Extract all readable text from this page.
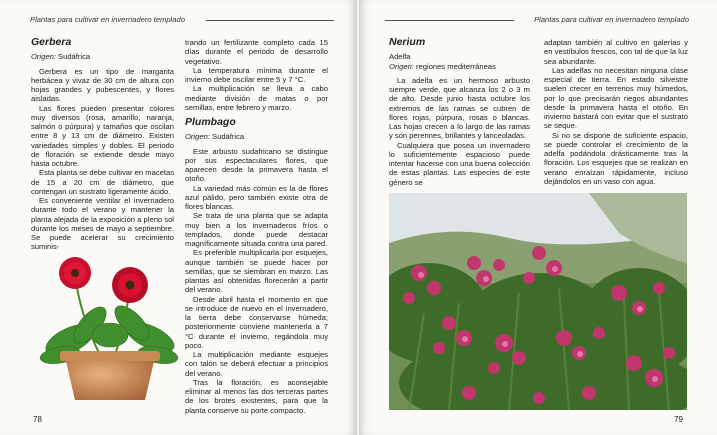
Plantas para cultivar en invernadero templado
Gerbera
Origen: Sudáfrica

Gerbera es un tipo de margarita herbácea y vivaz de 30 cm de altura con hojas grandes y pubescentes, y flores aisladas.

Las flores pueden presentar colores muy diversos (rosa, amarillo, naranja, salmón o púrpura) y tamaños que oscilan entre 8 y 13 cm de diámetro. Existen variedades simples y dobles. El periodo de floración se extiende desde mayo hasta octubre.

Esta planta se debe cultivar en macetas de 15 a 20 cm de diámetro, que contengan un sustrato ligeramente ácido.

Es conveniente ventilar el invernadero durante todo el verano y mantener la planta alejada de la exposición a pleno sol durante los meses de mayo a septiembre. Se puede acelerar su crecimiento suminis-

trando un fertilizante completo cada 15 días durante el periodo de desarrollo vegetativo.

La temperatura mínima durante el invierno debe oscilar entre 5 y 7 °C.

La multiplicación se lleva a cabo mediante división de matas o por semillas, entre febrero y marzo.

Plumbago
Origen: Sudáfrica

Este arbusto sudafricano se distingue por sus espectaculares flores, que aparecen desde la primavera hasta el otoño.

La variedad más común es la de flores azul pálido, pero también existe otra de flores blancas.

Se trata de una planta que se adapta muy bien a los invernaderos fríos o templados, donde puede destacar magníficamente situada contra una pared.

Es preferible multiplicarla por esquejes, aunque también se puede hacer por semillas, que se siembran en marzo. Las plantas así obtenidas florecerán a partir del verano.

Desde abril hasta el momento en que se introduce de nuevo en el invernadero, la tierra debe conservarse húmeda; posteriormente conviene mantenerla a 7 °C durante el invierno, regándola muy poco.

La multiplicación mediante esquejes con talón se deberá efectuar a principios del verano.

Tras la floración, es aconsejable eliminar al menos las dos terceras partes de los brotes existentes, para que la planta conserve su porte compacto.

78
Plantas para cultivar en invernadero templado
Nerium
Adelfa
Origen: regiones mediterráneas

La adelfa es un hermoso arbusto siempre verde, que alcanza los 2 o 3 m de alto. Desde junio hasta octubre los extremos de las ramas se cubren de flores rojas, púrpura, rosas o blancas. Las hojas crecen a lo largo de las ramas y son perennes, brillantes y lanceoladas.

Cualquiera que posea un invernadero lo suficientemente espacioso puede intentar hacerse con una buena colección de estas plantas. Las especies de este género se

adaptan también al cultivo en galerías y en vestíbulos frescos, con tal de que la luz sea abundante.

Las adelfas no necesitan ninguna clase especial de tierra. En estado silvestre suelen crecer en terrenos muy húmedos, por lo que precisarán riegos abundantes desde la primavera hasta el otoño. En invierno bastará con evitar que el sustrato se seque.

Si no se dispone de suficiente espacio, se puede controlar el crecimiento de la adelfa podándola drásticamente tras la floración. Los esquejes que se realizan en verano enraízan rápidamente, incluso dejándolos en un vaso con agua.

79
